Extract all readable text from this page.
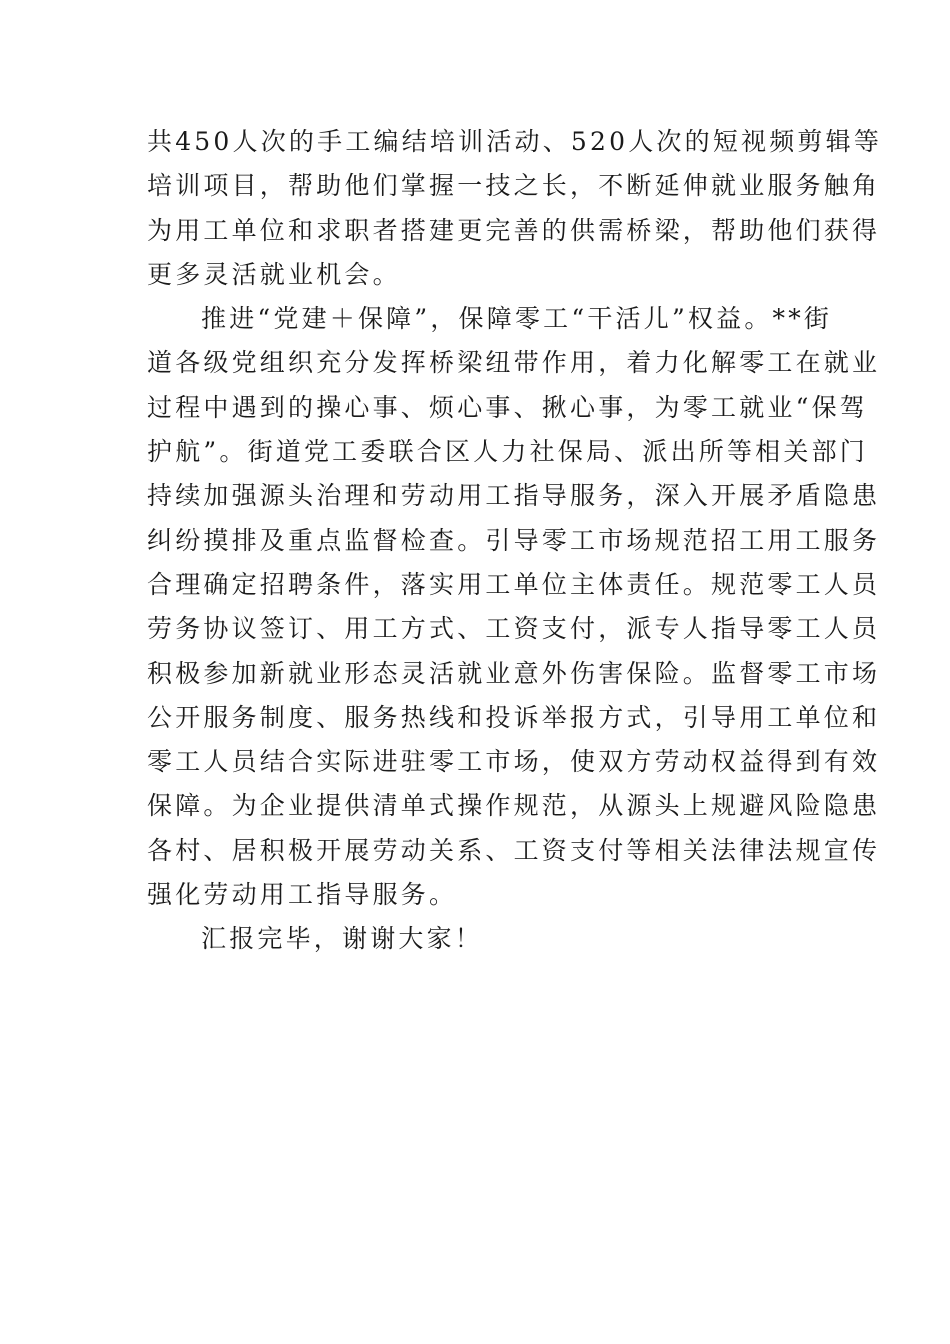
共450人次的手工编结培训活动、520人次的短视频剪辑等
培训项目，帮助他们掌握一技之长，不断延伸就业服务触角
为用工单位和求职者搭建更完善的供需桥梁，帮助他们获得
更多灵活就业机会。
推进“党建＋保障”，保障零工“干活儿”权益。**街
道各级党组织充分发挥桥梁纽带作用，着力化解零工在就业
过程中遇到的操心事、烦心事、揪心事，为零工就业“保驾
护航”。街道党工委联合区人力社保局、派出所等相关部门
持续加强源头治理和劳动用工指导服务，深入开展矛盾隐患
纠纷摸排及重点监督检查。引导零工市场规范招工用工服务
合理确定招聘条件，落实用工单位主体责任。规范零工人员
劳务协议签订、用工方式、工资支付，派专人指导零工人员
积极参加新就业形态灵活就业意外伤害保险。监督零工市场
公开服务制度、服务热线和投诉举报方式，引导用工单位和
零工人员结合实际进驻零工市场，使双方劳动权益得到有效
保障。为企业提供清单式操作规范，从源头上规避风险隐患
各村、居积极开展劳动关系、工资支付等相关法律法规宣传
强化劳动用工指导服务。
汇报完毕，谢谢大家！
